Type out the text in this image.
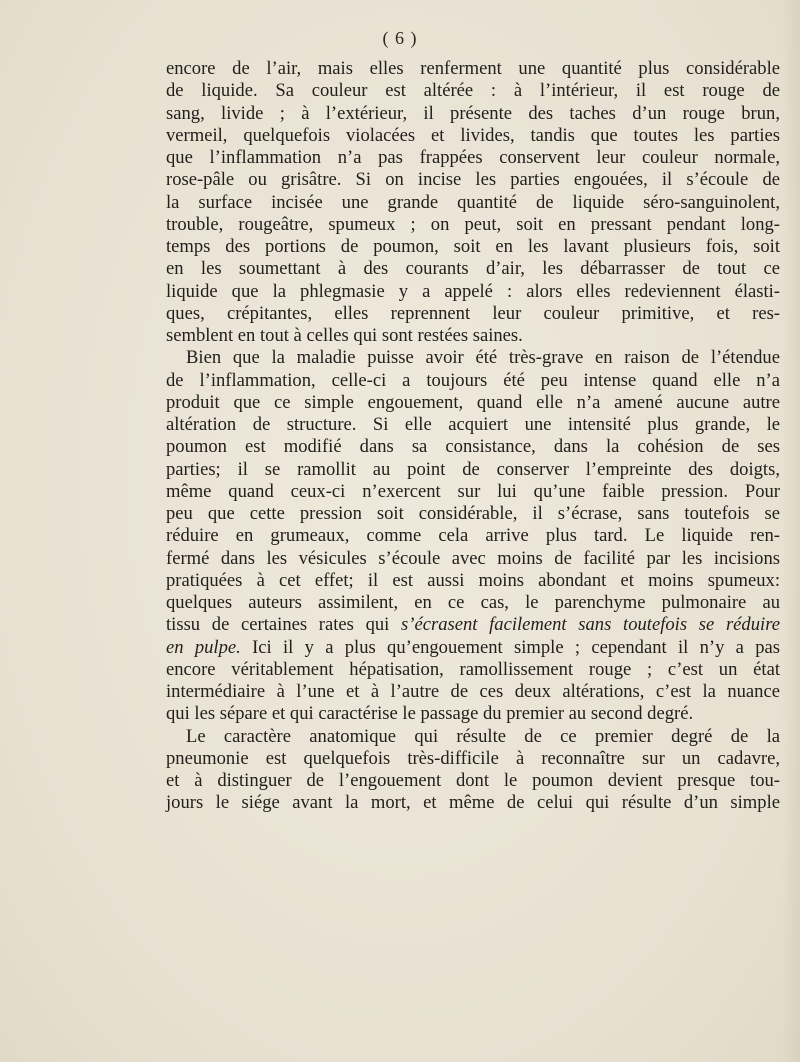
( 6 )
encore de l’air, mais elles renferment une quantité plus considérable
de liquide. Sa couleur est altérée : à l’intérieur, il est rouge de
sang, livide ; à l’extérieur, il présente des taches d’un rouge brun,
vermeil, quelquefois violacées et livides, tandis que toutes les parties
que l’inflammation n’a pas frappées conservent leur couleur normale,
rose-pâle ou grisâtre. Si on incise les parties engouées, il s’écoule de
la surface incisée une grande quantité de liquide séro-sanguinolent,
trouble, rougeâtre, spumeux ; on peut, soit en pressant pendant long-
temps des portions de poumon, soit en les lavant plusieurs fois, soit
en les soumettant à des courants d’air, les débarrasser de tout ce
liquide que la phlegmasie y a appelé : alors elles redeviennent élasti-
ques, crépitantes, elles reprennent leur couleur primitive, et res-
semblent en tout à celles qui sont restées saines.
Bien que la maladie puisse avoir été très-grave en raison de l’étendue
de l’inflammation, celle-ci a toujours été peu intense quand elle n’a
produit que ce simple engouement, quand elle n’a amené aucune autre
altération de structure. Si elle acquiert une intensité plus grande, le
poumon est modifié dans sa consistance, dans la cohésion de ses
parties; il se ramollit au point de conserver l’empreinte des doigts,
même quand ceux-ci n’exercent sur lui qu’une faible pression. Pour
peu que cette pression soit considérable, il s’écrase, sans toutefois se
réduire en grumeaux, comme cela arrive plus tard. Le liquide ren-
fermé dans les vésicules s’écoule avec moins de facilité par les incisions
pratiquées à cet effet; il est aussi moins abondant et moins spumeux:
quelques auteurs assimilent, en ce cas, le parenchyme pulmonaire au
tissu de certaines rates qui s’écrasent facilement sans toutefois se réduire
en pulpe. Ici il y a plus qu’engouement simple ; cependant il n’y a pas
encore véritablement hépatisation, ramollissement rouge ; c’est un état
intermédiaire à l’une et à l’autre de ces deux altérations, c’est la nuance
qui les sépare et qui caractérise le passage du premier au second degré.
Le caractère anatomique qui résulte de ce premier degré de la
pneumonie est quelquefois très-difficile à reconnaître sur un cadavre,
et à distinguer de l’engouement dont le poumon devient presque tou-
jours le siége avant la mort, et même de celui qui résulte d’un simple
